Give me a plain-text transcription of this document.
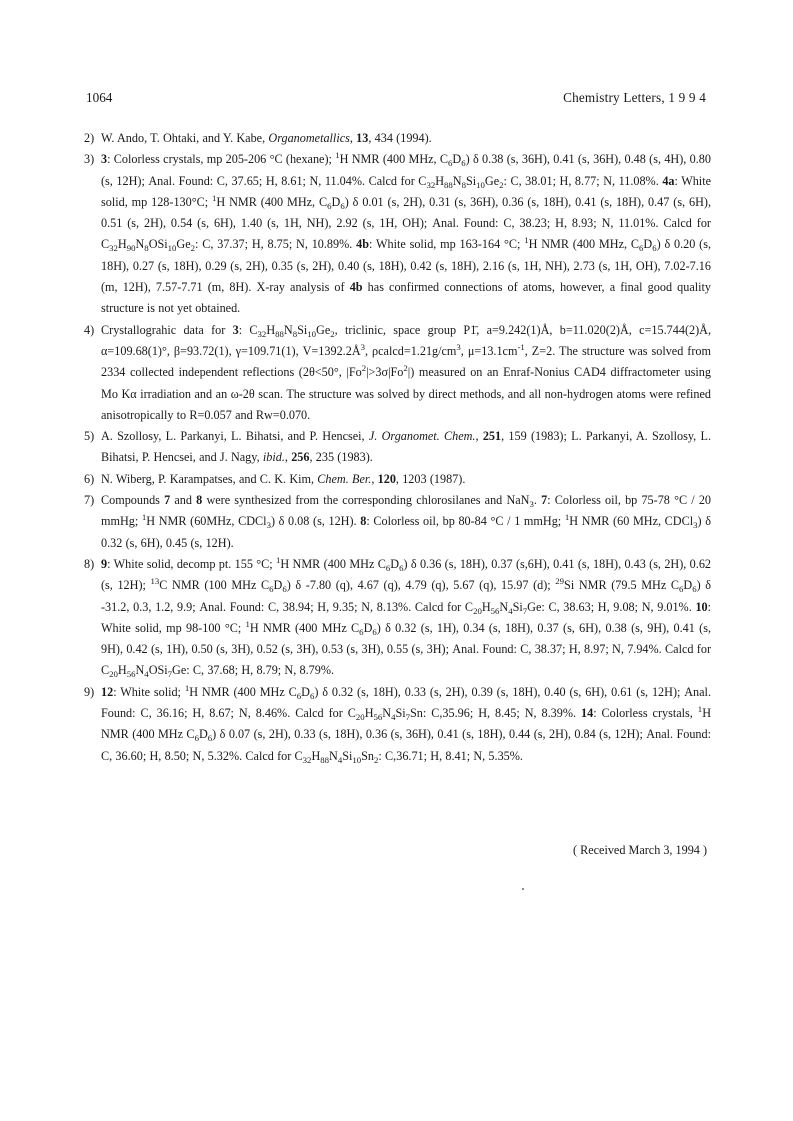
1064	Chemistry Letters, 1 9 9 4
2) W. Ando, T. Ohtaki, and Y. Kabe, Organometallics, 13, 434 (1994).
3) 3: Colorless crystals, mp 205-206 °C (hexane); $^1$H NMR (400 MHz, $C_6D_6$) δ 0.38 (s, 36H), 0.41 (s, 36H), 0.48 (s, 4H), 0.80 (s, 12H); Anal. Found: C, 37.65; H, 8.61; N, 11.04%. Calcd for $C_{32}H_{88}N_8Si_{10}Ge_2$: C, 38.01; H, 8.77; N, 11.08%. 4a: White solid, mp 128-130°C; $^1$H NMR (400 MHz, $C_6D_6$) δ 0.01 (s, 2H), 0.31 (s, 36H), 0.36 (s, 18H), 0.41 (s, 18H), 0.47 (s, 6H), 0.51 (s, 2H), 0.54 (s, 6H), 1.40 (s, 1H, NH), 2.92 (s, 1H, OH); Anal. Found: C, 38.23; H, 8.93; N, 11.01%. Calcd for $C_{32}H_{90}N_8OSi_{10}Ge_2$: C, 37.37; H, 8.75; N, 10.89%. 4b: White solid, mp 163-164 °C; $^1$H NMR (400 MHz, $C_6D_6$) δ 0.20 (s, 18H), 0.27 (s, 18H), 0.29 (s, 2H), 0.35 (s, 2H), 0.40 (s, 18H), 0.42 (s, 18H), 2.16 (s, 1H, NH), 2.73 (s, 1H, OH), 7.02-7.16 (m, 12H), 7.57-7.71 (m, 8H). X-ray analysis of 4b has confirmed connections of atoms, however, a final good quality structure is not yet obtained.
4) Crystallograhic data for 3: $C_{32}H_{88}N_8Si_{10}Ge_2$, triclinic, space group P1̄, a=9.242(1)Å, b=11.020(2)Å, c=15.744(2)Å, α=109.68(1)°, β=93.72(1), γ=109.71(1), $V=1392.2Å^3$, $\rho calcd=1.21g/cm^3$, $\mu=13.1cm^{-1}$, Z=2. The structure was solved from 2334 collected independent reflections (2θ<50°, $|Fo^2|>3\sigma|Fo^2|$) measured on an Enraf-Nonius CAD4 diffractometer using Mo Kα irradiation and an ω-2θ scan. The structure was solved by direct methods, and all non-hydrogen atoms were refined anisotropically to R=0.057 and Rw=0.070.
5) A. Szollosy, L. Parkanyi, L. Bihatsi, and P. Hencsei, J. Organomet. Chem., 251, 159 (1983); L. Parkanyi, A. Szollosy, L. Bihatsi, P. Hencsei, and J. Nagy, ibid., 256, 235 (1983).
6) N. Wiberg, P. Karampatses, and C. K. Kim, Chem. Ber., 120, 1203 (1987).
7) Compounds 7 and 8 were synthesized from the corresponding chlorosilanes and NaN$_3$. 7: Colorless oil, bp 75-78 °C / 20 mmHg; $^1$H NMR (60MHz, CDCl$_3$) δ 0.08 (s, 12H). 8: Colorless oil, bp 80-84 °C / 1 mmHg; $^1$H NMR (60 MHz, CDCl$_3$) δ 0.32 (s, 6H), 0.45 (s, 12H).
8) 9: White solid, decomp pt. 155 °C; $^1$H NMR (400 MHz $C_6D_6$) δ 0.36 (s, 18H), 0.37 (s,6H), 0.41 (s, 18H), 0.43 (s, 2H), 0.62 (s, 12H); $^{13}$C NMR (100 MHz $C_6D_6$) δ -7.80 (q), 4.67 (q), 4.79 (q), 5.67 (q), 15.97 (d); $^{29}$Si NMR (79.5 MHz $C_6D_6$) δ -31.2, 0.3, 1.2, 9.9; Anal. Found: C, 38.94; H, 9.35; N, 8.13%. Calcd for $C_{20}H_{56}N_4Si_7Ge$: C, 38.63; H, 9.08; N, 9.01%. 10: White solid, mp 98-100 °C; $^1$H NMR (400 MHz $C_6D_6$) δ 0.32 (s, 1H), 0.34 (s, 18H), 0.37 (s, 6H), 0.38 (s, 9H), 0.41 (s, 9H), 0.42 (s, 1H), 0.50 (s, 3H), 0.52 (s, 3H), 0.53 (s, 3H), 0.55 (s, 3H); Anal. Found: C, 38.37; H, 8.97; N, 7.94%. Calcd for $C_{20}H_{56}N_4OSi_7Ge$: C, 37.68; H, 8.79; N, 8.79%.
9) 12: White solid; $^1$H NMR (400 MHz $C_6D_6$) δ 0.32 (s, 18H), 0.33 (s, 2H), 0.39 (s, 18H), 0.40 (s, 6H), 0.61 (s, 12H); Anal. Found: C, 36.16; H, 8.67; N, 8.46%. Calcd for $C_{20}H_{56}N_4Si_7Sn$: C,35.96; H, 8.45; N, 8.39%. 14: Colorless crystals, $^1$H NMR (400 MHz $C_6D_6$) δ 0.07 (s, 2H), 0.33 (s, 18H), 0.36 (s, 36H), 0.41 (s, 18H), 0.44 (s, 2H), 0.84 (s, 12H); Anal. Found: C, 36.60; H, 8.50; N, 5.32%. Calcd for $C_{32}H_{88}N_4Si_{10}Sn_2$: C,36.71; H, 8.41; N, 5.35%.
( Received March 3, 1994 )
